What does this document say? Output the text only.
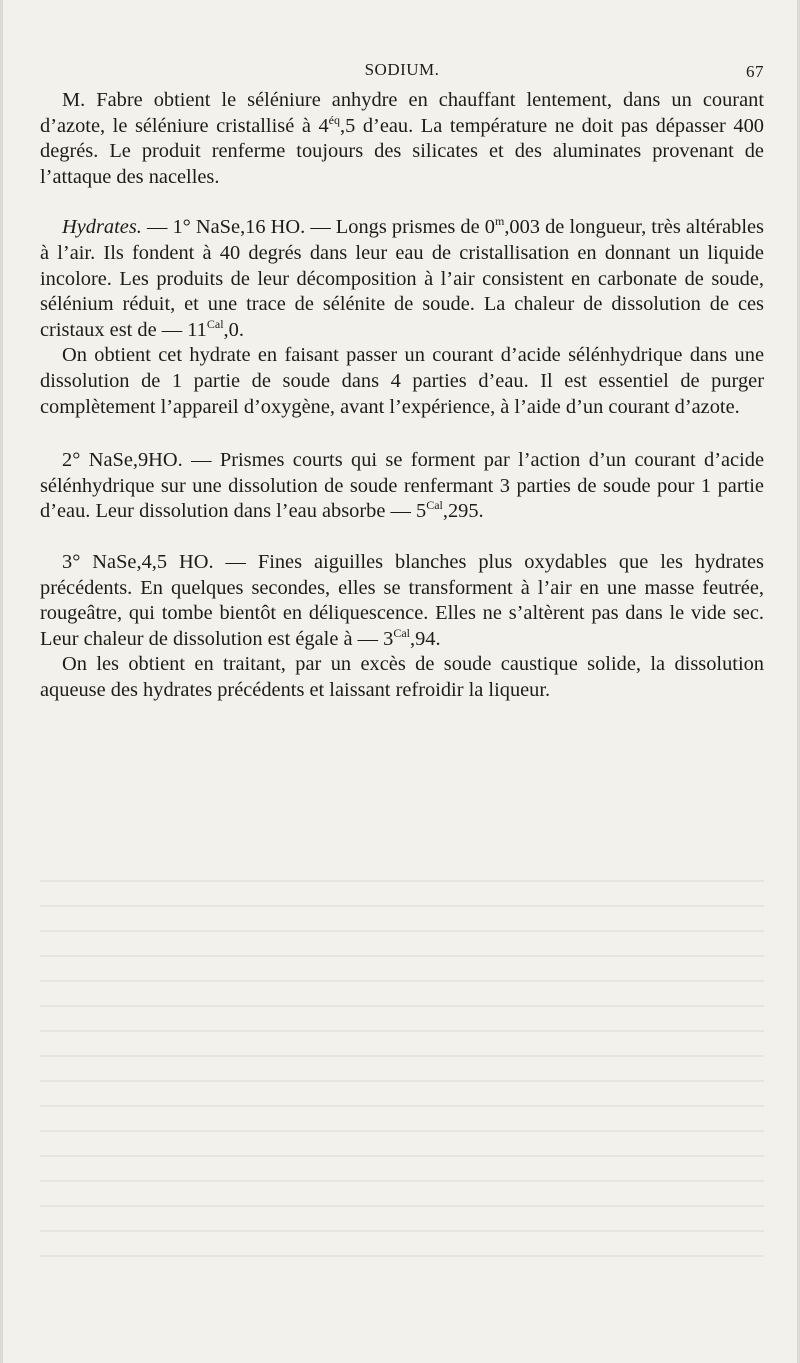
SODIUM.	67

M. Fabre obtient le séléniure anhydre en chauffant lentement, dans un courant d’azote, le séléniure cristallisé à $4^{éq},5$ d’eau. La température ne doit pas dépasser 400 degrés. Le produit renferme toujours des silicates et des aluminates provenant de l’attaque des nacelles.

Hydrates. — 1° NaSe,16 HO. — Longs prismes de 0$^m$,003 de longueur, très altérables à l’air. Ils fondent à 40 degrés dans leur eau de cristallisation en donnant un liquide incolore. Les produits de leur décomposition à l’air consistent en carbonate de soude, sélénium réduit, et une trace de sélénite de soude. La chaleur de dissolution de ces cristaux est de — $11^{Cal},0$.

On obtient cet hydrate en faisant passer un courant d’acide sélénhydrique dans une dissolution de 1 partie de soude dans 4 parties d’eau. Il est essentiel de purger complètement l’appareil d’oxygène, avant l’expérience, à l’aide d’un courant d’azote.

2° NaSe,9HO. — Prismes courts qui se forment par l’action d’un courant d’acide sélénhydrique sur une dissolution de soude renfermant 3 parties de soude pour 1 partie d’eau. Leur dissolution dans l’eau absorbe — $5^{Cal},295$.

3° NaSe,4,5 HO. — Fines aiguilles blanches plus oxydables que les hydrates précédents. En quelques secondes, elles se transforment à l’air en une masse feutrée, rougeâtre, qui tombe bientôt en déliquescence. Elles ne s’altèrent pas dans le vide sec. Leur chaleur de dissolution est égale à — $3^{Cal},94$.

On les obtient en traitant, par un excès de soude caustique solide, la dissolution aqueuse des hydrates précédents et laissant refroidir la liqueur.
